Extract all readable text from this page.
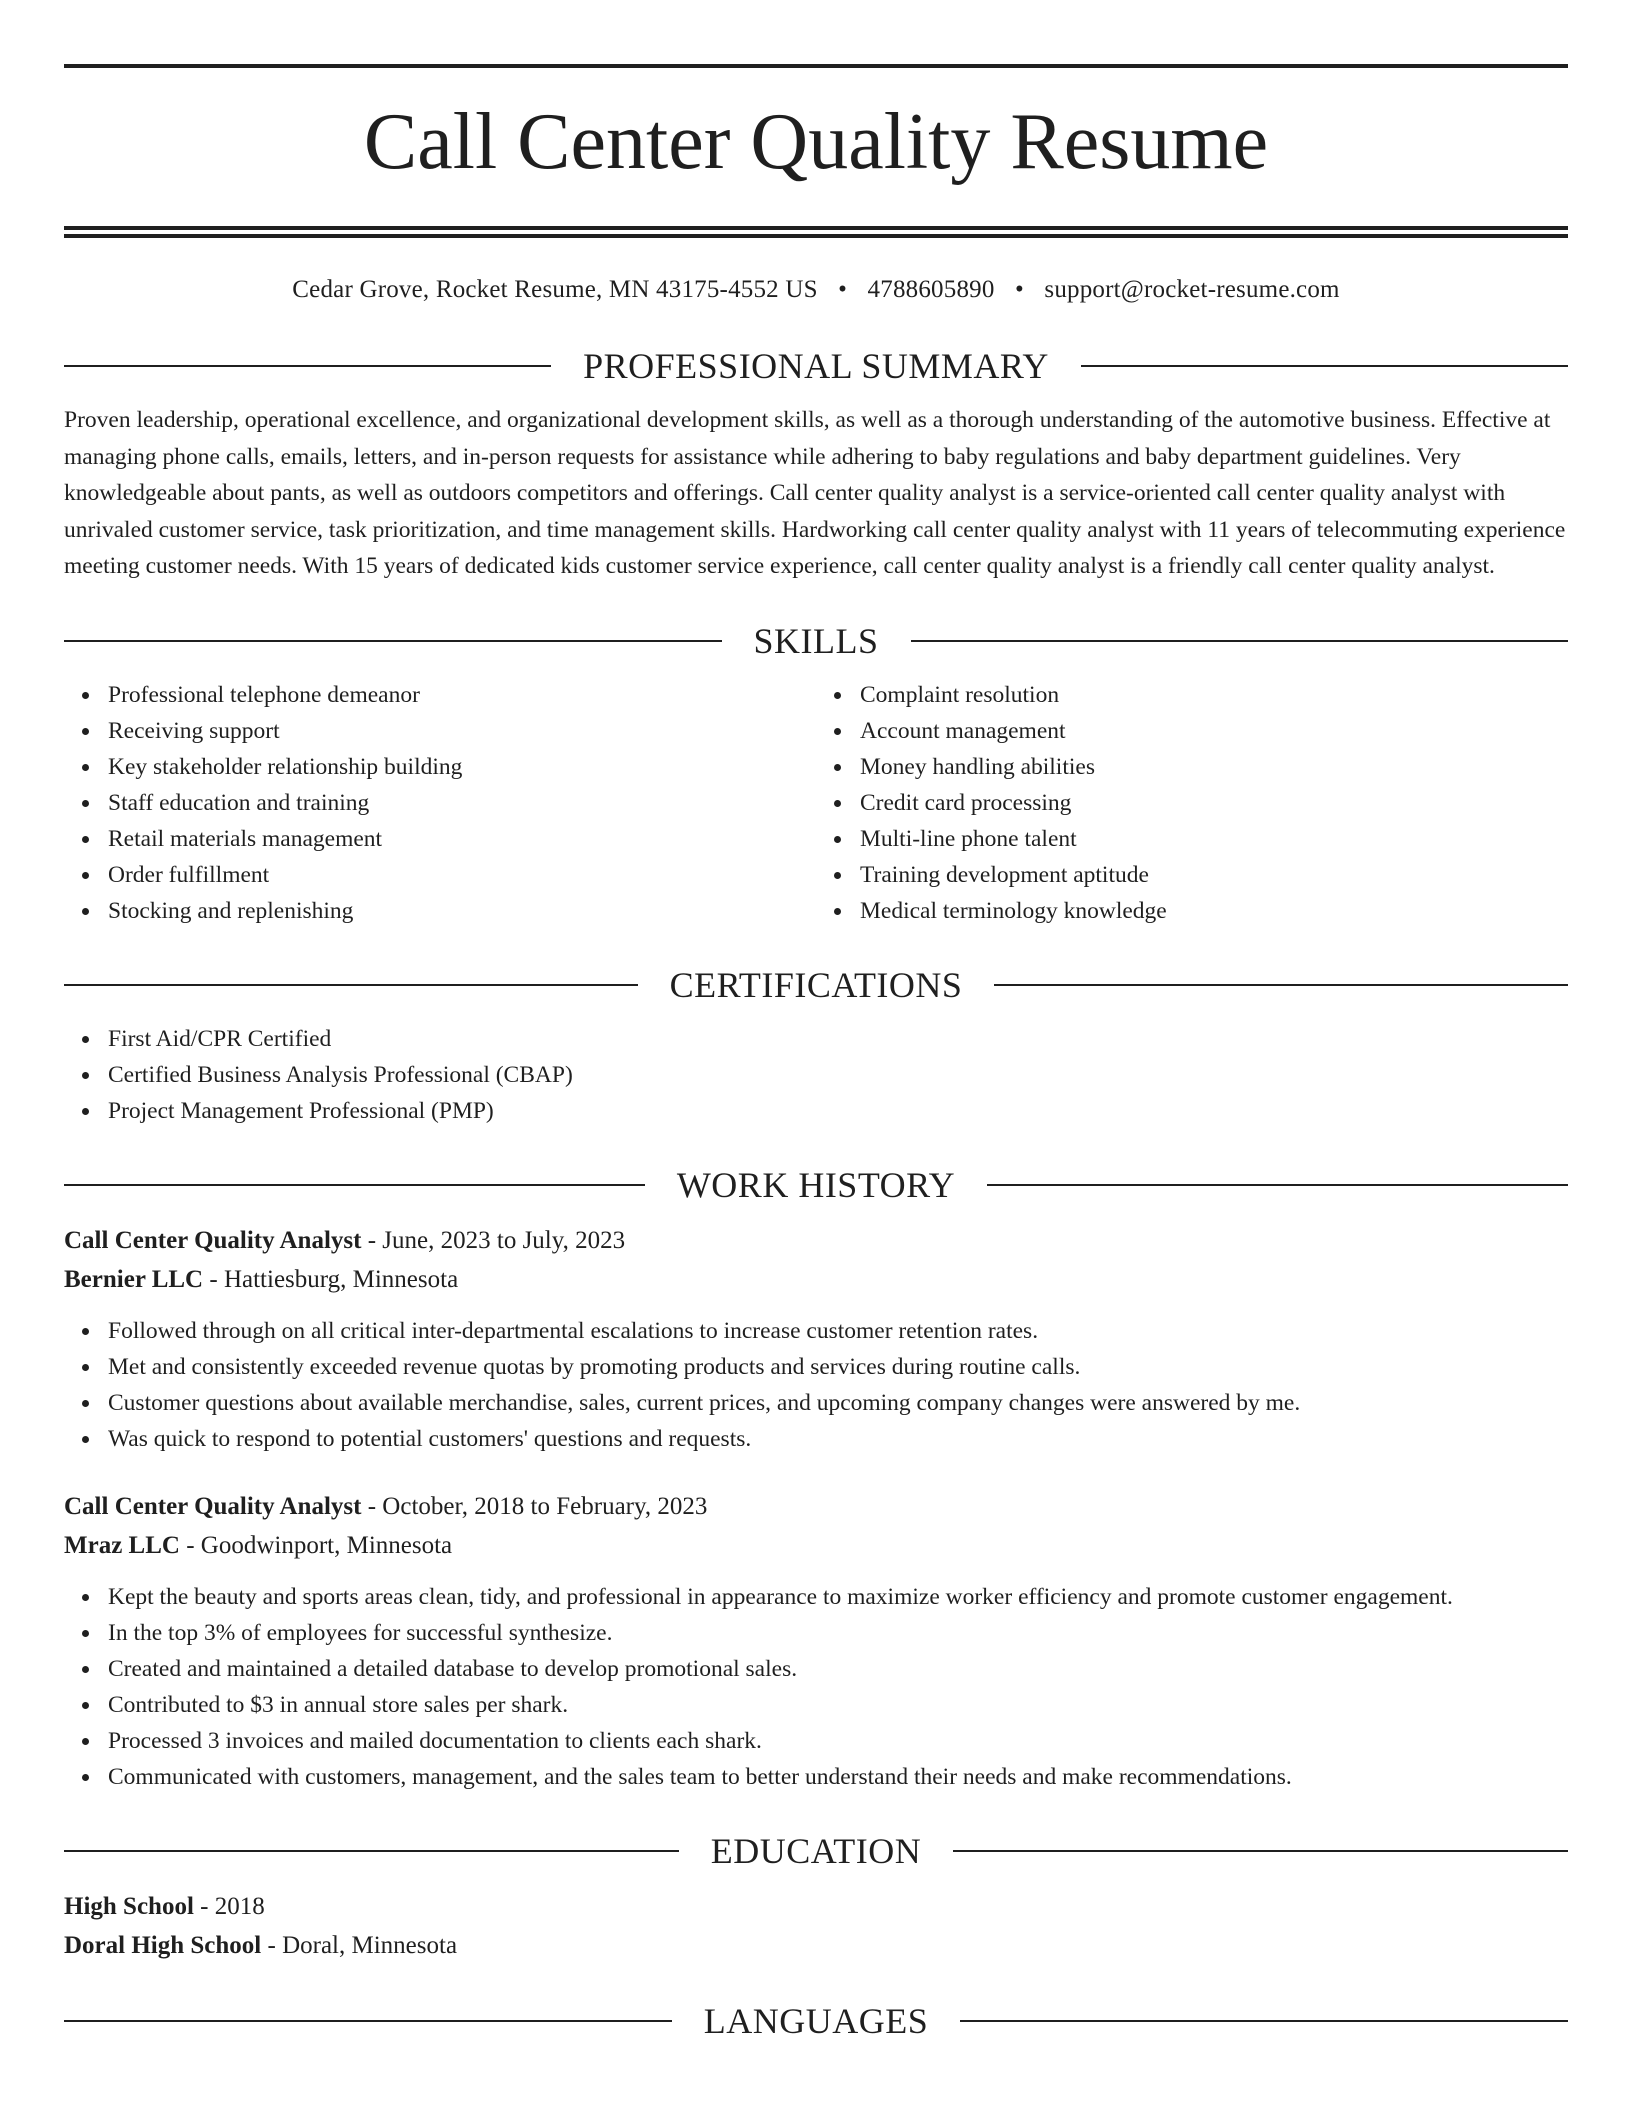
Call Center Quality Resume
Cedar Grove, Rocket Resume, MN 43175-4552 US • 4788605890 • support@rocket-resume.com
PROFESSIONAL SUMMARY

Proven leadership, operational excellence, and organizational development skills, as well as a thorough understanding of the automotive business. Effective at managing phone calls, emails, letters, and in-person requests for assistance while adhering to baby regulations and baby department guidelines. Very knowledgeable about pants, as well as outdoors competitors and offerings. Call center quality analyst is a service-oriented call center quality analyst with unrivaled customer service, task prioritization, and time management skills. Hardworking call center quality analyst with 11 years of telecommuting experience meeting customer needs. With 15 years of dedicated kids customer service experience, call center quality analyst is a friendly call center quality analyst.

SKILLS
Professional telephone demeanor
Receiving support
Key stakeholder relationship building
Staff education and training
Retail materials management
Order fulfillment
Stocking and replenishing
Complaint resolution
Account management
Money handling abilities
Credit card processing
Multi-line phone talent
Training development aptitude
Medical terminology knowledge
CERTIFICATIONS
First Aid/CPR Certified
Certified Business Analysis Professional (CBAP)
Project Management Professional (PMP)
WORK HISTORY
Call Center Quality Analyst - June, 2023 to July, 2023
Bernier LLC - Hattiesburg, Minnesota
Followed through on all critical inter-departmental escalations to increase customer retention rates.
Met and consistently exceeded revenue quotas by promoting products and services during routine calls.
Customer questions about available merchandise, sales, current prices, and upcoming company changes were answered by me.
Was quick to respond to potential customers' questions and requests.
Call Center Quality Analyst - October, 2018 to February, 2023
Mraz LLC - Goodwinport, Minnesota
Kept the beauty and sports areas clean, tidy, and professional in appearance to maximize worker efficiency and promote customer engagement.
In the top 3% of employees for successful synthesize.
Created and maintained a detailed database to develop promotional sales.
Contributed to $3 in annual store sales per shark.
Processed 3 invoices and mailed documentation to clients each shark.
Communicated with customers, management, and the sales team to better understand their needs and make recommendations.
EDUCATION
High School - 2018
Doral High School - Doral, Minnesota
LANGUAGES
